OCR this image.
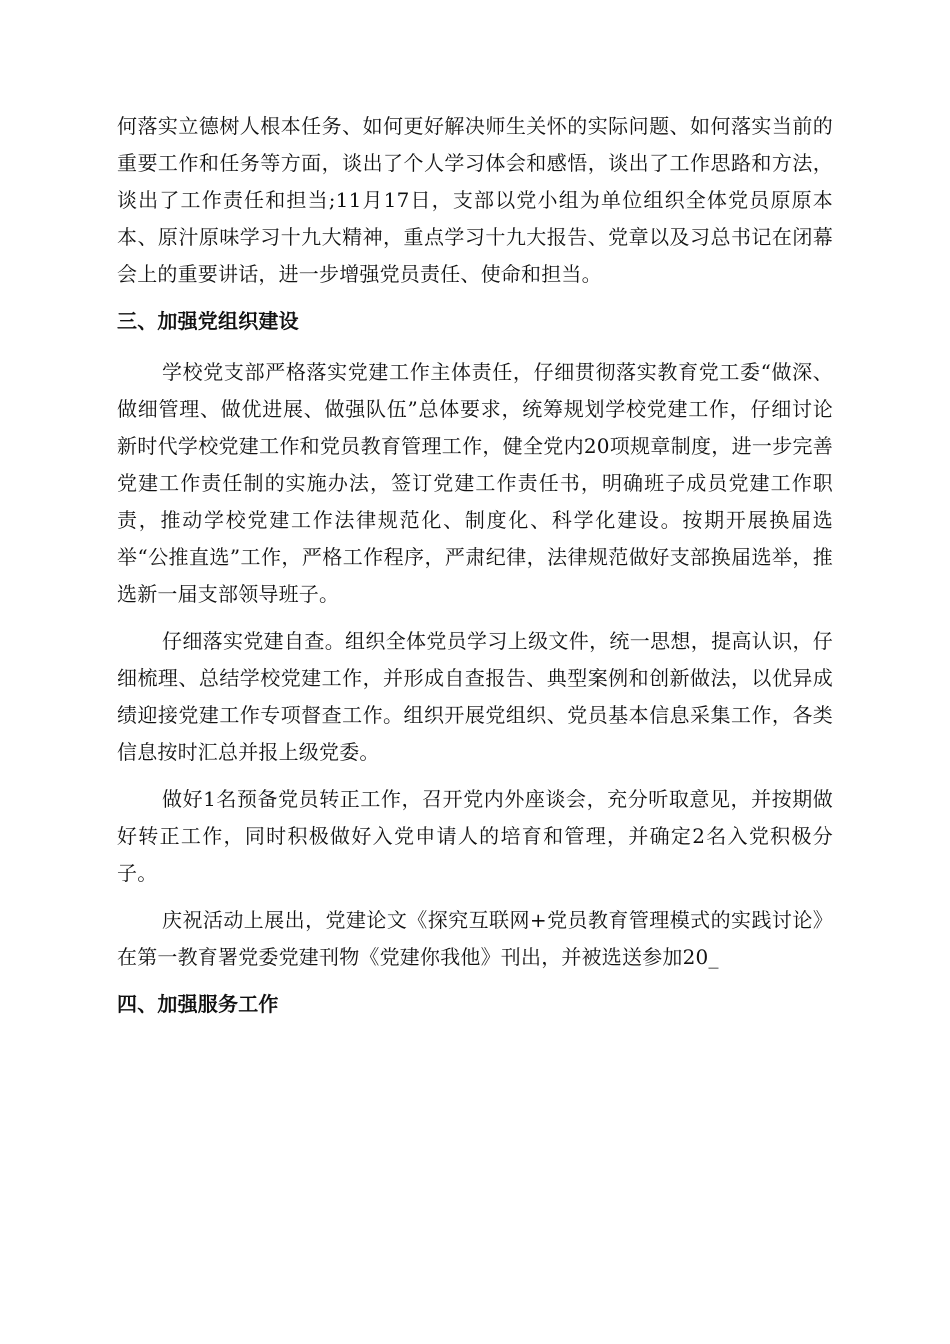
何落实立德树人根本任务、如何更好解决师生关怀的实际问题、如何落实当前的重要工作和任务等方面，谈出了个人学习体会和感悟，谈出了工作思路和方法，谈出了工作责任和担当;11月17日，支部以党小组为单位组织全体党员原原本本、原汁原味学习十九大精神，重点学习十九大报告、党章以及习总书记在闭幕会上的重要讲话，进一步增强党员责任、使命和担当。

三、加强党组织建设

学校党支部严格落实党建工作主体责任，仔细贯彻落实教育党工委“做深、做细管理、做优进展、做强队伍”总体要求，统筹规划学校党建工作，仔细讨论新时代学校党建工作和党员教育管理工作，健全党内20项规章制度，进一步完善党建工作责任制的实施办法，签订党建工作责任书，明确班子成员党建工作职责，推动学校党建工作法律规范化、制度化、科学化建设。按期开展换届选举“公推直选”工作，严格工作程序，严肃纪律，法律规范做好支部换届选举，推选新一届支部领导班子。

仔细落实党建自查。组织全体党员学习上级文件，统一思想，提高认识，仔细梳理、总结学校党建工作，并形成自查报告、典型案例和创新做法，以优异成绩迎接党建工作专项督查工作。组织开展党组织、党员基本信息采集工作，各类信息按时汇总并报上级党委。

做好1名预备党员转正工作，召开党内外座谈会，充分听取意见，并按期做好转正工作，同时积极做好入党申请人的培育和管理，并确定2名入党积极分子。

庆祝活动上展出，党建论文《探究互联网+党员教育管理模式的实践讨论》在第一教育署党委党建刊物《党建你我他》刊出，并被选送参加20_

四、加强服务工作
